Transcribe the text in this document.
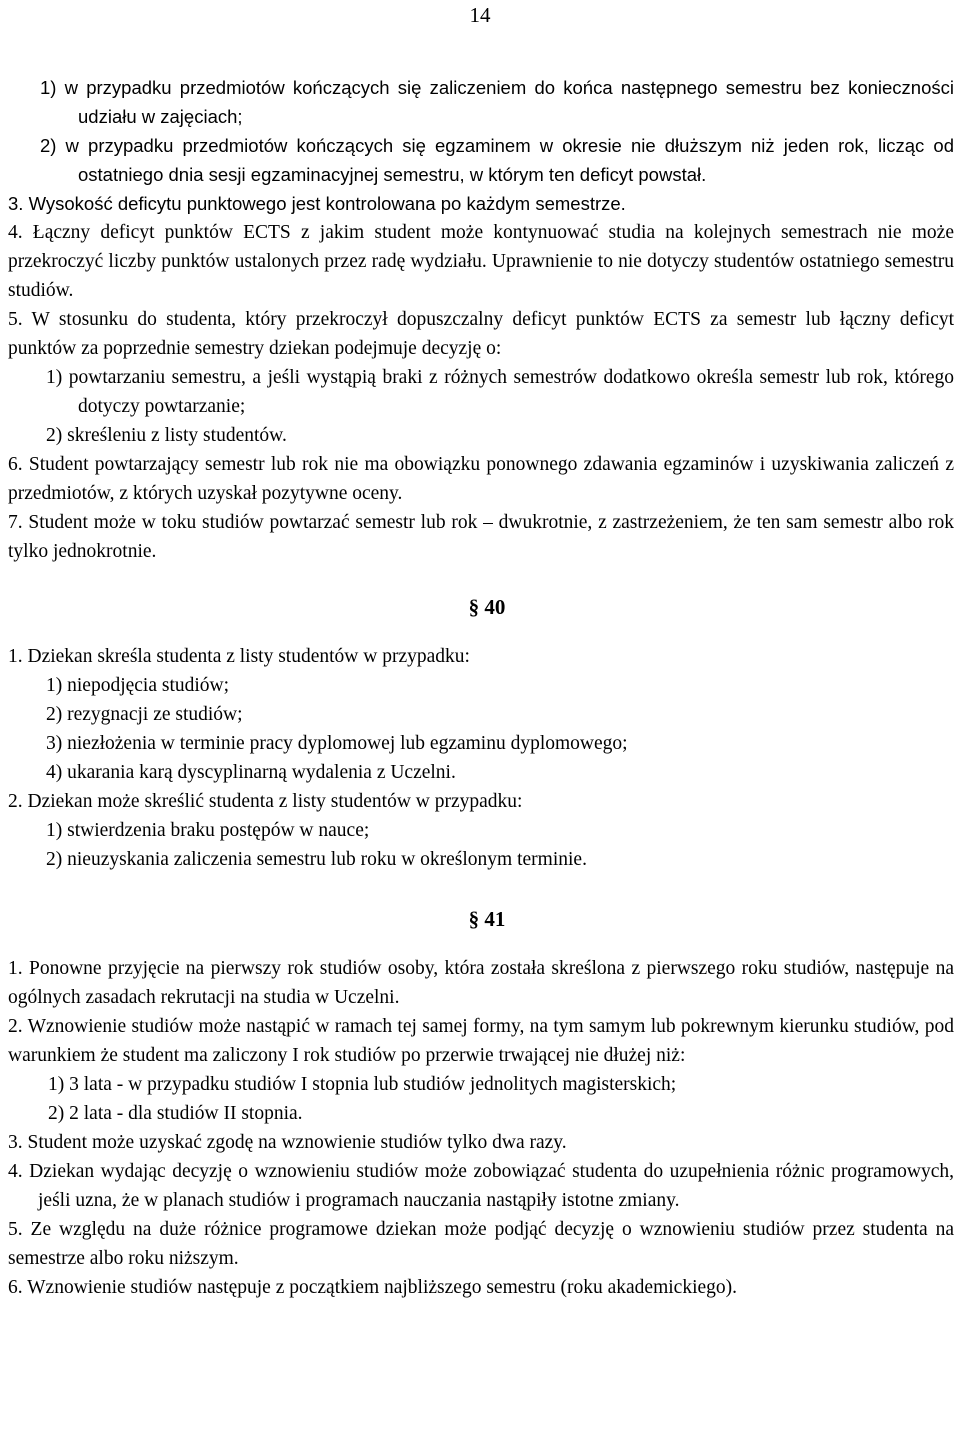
14
1) w przypadku przedmiotów kończących się zaliczeniem do końca następnego semestru bez konieczności udziału w zajęciach;
2) w przypadku przedmiotów kończących się egzaminem w okresie nie dłuższym niż jeden rok, licząc od ostatniego dnia sesji egzaminacyjnej semestru, w którym ten deficyt powstał.
3. Wysokość deficytu punktowego jest kontrolowana po każdym semestrze.
4. Łączny deficyt punktów ECTS z jakim student może kontynuować studia na kolejnych semestrach nie może przekroczyć liczby punktów ustalonych przez radę wydziału. Uprawnienie to nie dotyczy studentów ostatniego semestru studiów.
5. W stosunku do studenta, który przekroczył dopuszczalny deficyt punktów ECTS za semestr lub łączny deficyt punktów za poprzednie semestry dziekan podejmuje decyzję o:
1) powtarzaniu semestru, a jeśli wystąpią braki z różnych semestrów dodatkowo określa semestr lub rok, którego dotyczy powtarzanie;
2) skreśleniu z listy studentów.
6. Student powtarzający semestr lub rok nie ma obowiązku ponownego zdawania egzaminów i uzyskiwania zaliczeń z przedmiotów, z których uzyskał pozytywne oceny.
7. Student może w toku studiów powtarzać semestr lub rok – dwukrotnie, z zastrzeżeniem, że ten sam semestr albo rok tylko jednokrotnie.
§ 40
1. Dziekan skreśla studenta z listy studentów w przypadku:
1) niepodjęcia studiów;
2) rezygnacji ze studiów;
3) niezłożenia w terminie pracy dyplomowej lub egzaminu dyplomowego;
4) ukarania karą dyscyplinarną wydalenia z Uczelni.
2. Dziekan może skreślić studenta z listy studentów w przypadku:
1) stwierdzenia braku postępów w nauce;
2) nieuzyskania zaliczenia semestru lub roku w określonym terminie.
§ 41
1. Ponowne przyjęcie na pierwszy rok studiów osoby, która została skreślona z pierwszego roku studiów, następuje na ogólnych zasadach rekrutacji na studia w Uczelni.
2. Wznowienie studiów może nastąpić w ramach tej samej formy, na tym samym lub pokrewnym kierunku studiów, pod warunkiem że student ma zaliczony I rok studiów po przerwie trwającej nie dłużej niż:
1) 3 lata - w przypadku studiów I stopnia lub studiów jednolitych magisterskich;
2) 2 lata - dla studiów II stopnia.
3. Student może uzyskać zgodę na wznowienie studiów tylko dwa razy.
4. Dziekan wydając decyzję o wznowieniu studiów może zobowiązać studenta do uzupełnienia różnic programowych, jeśli uzna, że w planach studiów i programach nauczania nastąpiły istotne zmiany.
5. Ze względu na duże różnice programowe dziekan może podjąć decyzję o wznowieniu studiów przez studenta na semestrze albo roku niższym.
6. Wznowienie studiów następuje z początkiem najbliższego semestru (roku akademickiego).
